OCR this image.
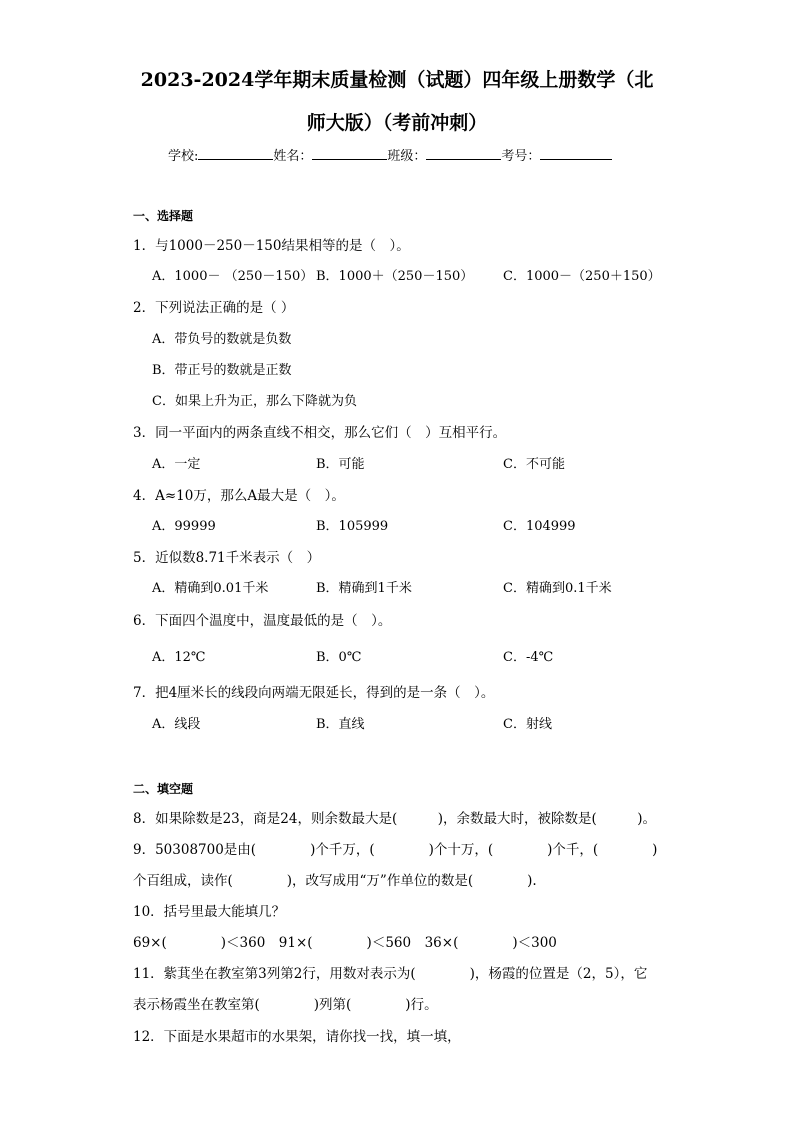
2023-2024学年期末质量检测（试题）四年级上册数学（北
师大版）（考前冲刺）
学校:	姓名：	班级：	考号：
一、选择题
1．与1000－250－150结果相等的是（　）。
A．1000－ （250－150） B．1000＋（250－150） C．1000－（250＋150）
2．下列说法正确的是（ ）
A．带负号的数就是负数
B．带正号的数就是正数
C．如果上升为正，那么下降就为负
3．同一平面内的两条直线不相交，那么它们（　）互相平行。
A．一定	B．可能	C．不可能
4．A≈10万，那么A最大是（　）。
A．99999	B．105999	C．104999
5．近似数8.71千米表示（　）
A．精确到0.01千米	B．精确到1千米	C．精确到0.1千米
6．下面四个温度中，温度最低的是（　）。
A．12℃	B．0℃	C．-4℃
7．把4厘米长的线段向两端无限延长，得到的是一条（　）。
A．线段	B．直线	C．射线
二、填空题
8．如果除数是23，商是24，则余数最大是(　　　)，余数最大时，被除数是(　　　)。
9．50308700是由(　　　　)个千万，(　　　　)个十万，(　　　　)个千，(　　　　)
个百组成，读作(　　　　)，改写成用“万”作单位的数是(　　　　).
10．括号里最大能填几？
69×(　　　　)＜360　91×(　　　　)＜560　36×(　　　　)＜300
11．紫萁坐在教室第3列第2行，用数对表示为(　　　　)，杨霞的位置是（2，5），它
表示杨霞坐在教室第(　　　　)列第(　　　　)行。
12．下面是水果超市的水果架，请你找一找，填一填，
